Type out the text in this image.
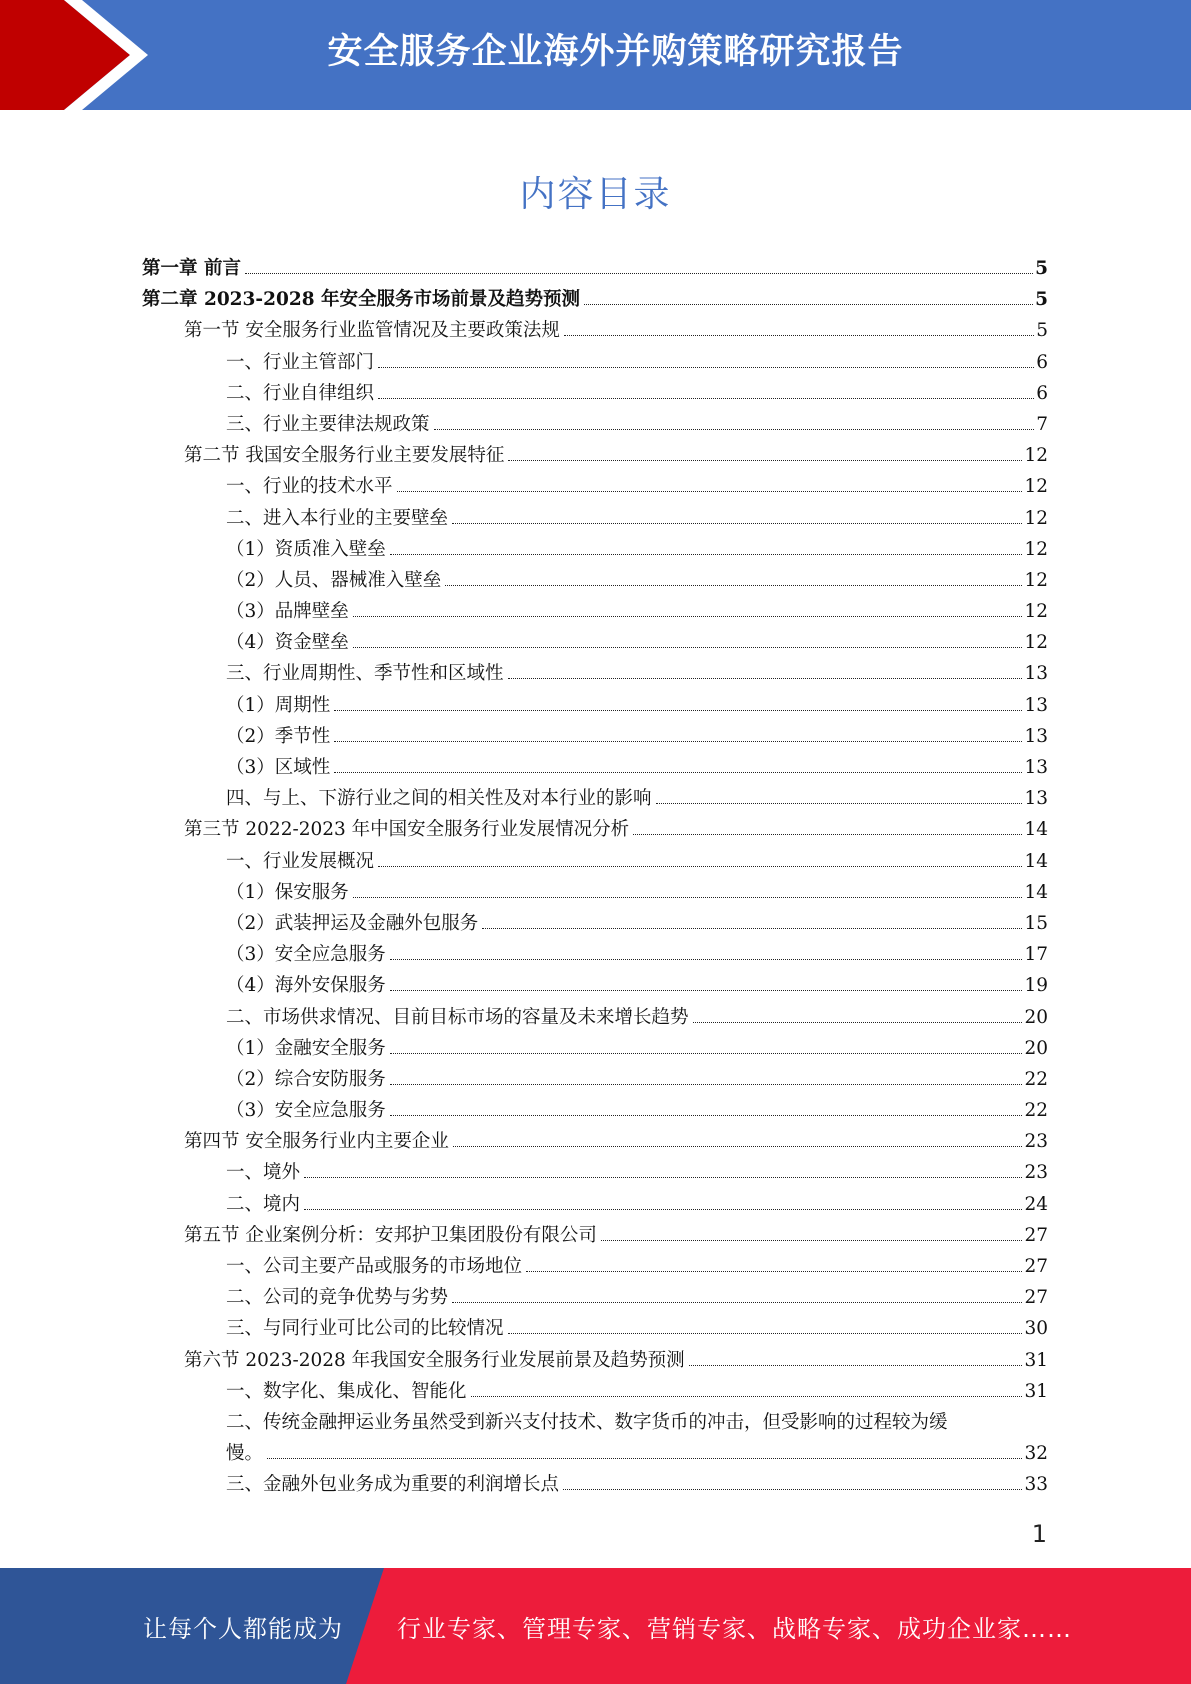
安全服务企业海外并购策略研究报告
内容目录
第一章 前言	5
第二章 2023-2028 年安全服务市场前景及趋势预测	5
第一节 安全服务行业监管情况及主要政策法规	5
一、行业主管部门	6
二、行业自律组织	6
三、行业主要律法规政策	7
第二节 我国安全服务行业主要发展特征	12
一、行业的技术水平	12
二、进入本行业的主要壁垒	12
（1）资质准入壁垒	12
（2）人员、器械准入壁垒	12
（3）品牌壁垒	12
（4）资金壁垒	12
三、行业周期性、季节性和区域性	13
（1）周期性	13
（2）季节性	13
（3）区域性	13
四、与上、下游行业之间的相关性及对本行业的影响	13
第三节 2022-2023 年中国安全服务行业发展情况分析	14
一、行业发展概况	14
（1）保安服务	14
（2）武装押运及金融外包服务	15
（3）安全应急服务	17
（4）海外安保服务	19
二、市场供求情况、目前目标市场的容量及未来增长趋势	20
（1）金融安全服务	20
（2）综合安防服务	22
（3）安全应急服务	22
第四节 安全服务行业内主要企业	23
一、境外	23
二、境内	24
第五节 企业案例分析：安邦护卫集团股份有限公司	27
一、公司主要产品或服务的市场地位	27
二、公司的竞争优势与劣势	27
三、与同行业可比公司的比较情况	30
第六节 2023-2028 年我国安全服务行业发展前景及趋势预测	31
一、数字化、集成化、智能化	31
二、传统金融押运业务虽然受到新兴支付技术、数字货币的冲击，但受影响的过程较为缓
慢。	32
三、金融外包业务成为重要的利润增长点	33
1
让每个人都能成为 行业专家、管理专家、营销专家、战略专家、成功企业家……
